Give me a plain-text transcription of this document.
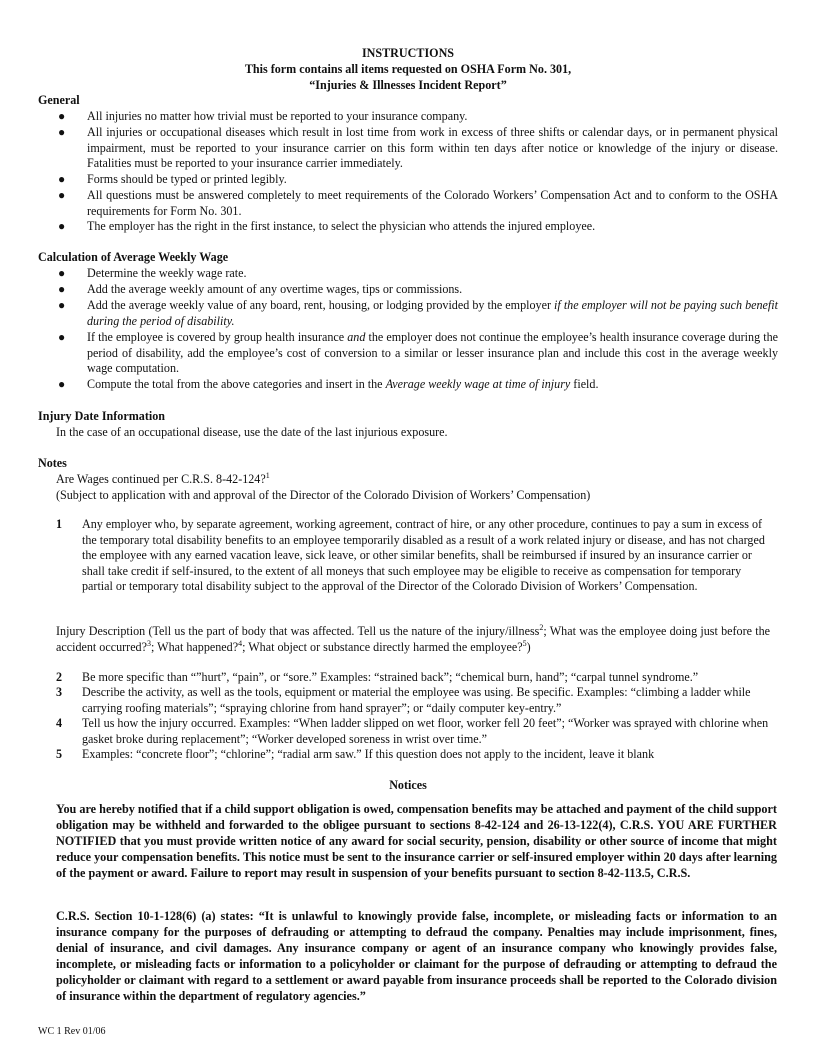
INSTRUCTIONS
This form contains all items requested on OSHA Form No. 301,
“Injuries & Illnesses Incident Report”
General
● All injuries no matter how trivial must be reported to your insurance company.
● All injuries or occupational diseases which result in lost time from work in excess of three shifts or calendar days, or in permanent physical impairment, must be reported to your insurance carrier on this form within ten days after notice or knowledge of the injury or disease. Fatalities must be reported to your insurance carrier immediately.
● Forms should be typed or printed legibly.
● All questions must be answered completely to meet requirements of the Colorado Workers’ Compensation Act and to conform to the OSHA requirements for Form No. 301.
● The employer has the right in the first instance, to select the physician who attends the injured employee.
Calculation of Average Weekly Wage
● Determine the weekly wage rate.
● Add the average weekly amount of any overtime wages, tips or commissions.
● Add the average weekly value of any board, rent, housing, or lodging provided by the employer if the employer will not be paying such benefit during the period of disability.
● If the employee is covered by group health insurance and the employer does not continue the employee’s health insurance coverage during the period of disability, add the employee’s cost of conversion to a similar or lesser insurance plan and include this cost in the average weekly wage computation.
● Compute the total from the above categories and insert in the Average weekly wage at time of injury field.
Injury Date Information
In the case of an occupational disease, use the date of the last injurious exposure.
Notes
Are Wages continued per C.R.S. 8-42-124?$^1$
(Subject to application with and approval of the Director of the Colorado Division of Workers’ Compensation)
1	Any employer who, by separate agreement, working agreement, contract of hire, or any other procedure, continues to pay a sum in excess of the temporary total disability benefits to an employee temporarily disabled as a result of a work related injury or disease, and has not charged the employee with any earned vacation leave, sick leave, or other similar benefits, shall be reimbursed if insured by an insurance carrier or shall take credit if self-insured, to the extent of all moneys that such employee may be eligible to receive as compensation for temporary partial or temporary total disability subject to the approval of the Director of the Colorado Division of Workers’ Compensation.
Injury Description (Tell us the part of body that was affected. Tell us the nature of the injury/illness$^2$; What was the employee doing just before the accident occurred?$^3$; What happened?$^4$; What object or substance directly harmed the employee?$^5$)
2	Be more specific than “”hurt”, “pain”, or “sore.” Examples: “strained back”; “chemical burn, hand”; “carpal tunnel syndrome.”
3	Describe the activity, as well as the tools, equipment or material the employee was using. Be specific. Examples: “climbing a ladder while carrying roofing materials”; “spraying chlorine from hand sprayer”; or “daily computer key-entry.”
4	Tell us how the injury occurred. Examples: “When ladder slipped on wet floor, worker fell 20 feet”; “Worker was sprayed with chlorine when gasket broke during replacement”; “Worker developed soreness in wrist over time.”
5	Examples: “concrete floor”; “chlorine”; “radial arm saw.” If this question does not apply to the incident, leave it blank
Notices
You are hereby notified that if a child support obligation is owed, compensation benefits may be attached and payment of the child support obligation may be withheld and forwarded to the obligee pursuant to sections 8-42-124 and 26-13-122(4), C.R.S. YOU ARE FURTHER NOTIFIED that you must provide written notice of any award for social security, pension, disability or other source of income that might reduce your compensation benefits. This notice must be sent to the insurance carrier or self-insured employer within 20 days after learning of the payment or award. Failure to report may result in suspension of your benefits pursuant to section 8-42-113.5, C.R.S.
C.R.S. Section 10-1-128(6) (a) states: “It is unlawful to knowingly provide false, incomplete, or misleading facts or information to an insurance company for the purposes of defrauding or attempting to defraud the company. Penalties may include imprisonment, fines, denial of insurance, and civil damages. Any insurance company or agent of an insurance company who knowingly provides false, incomplete, or misleading facts or information to a policyholder or claimant for the purpose of defrauding or attempting to defraud the policyholder or claimant with regard to a settlement or award payable from insurance proceeds shall be reported to the Colorado division of insurance within the department of regulatory agencies.”
WC 1 Rev 01/06
